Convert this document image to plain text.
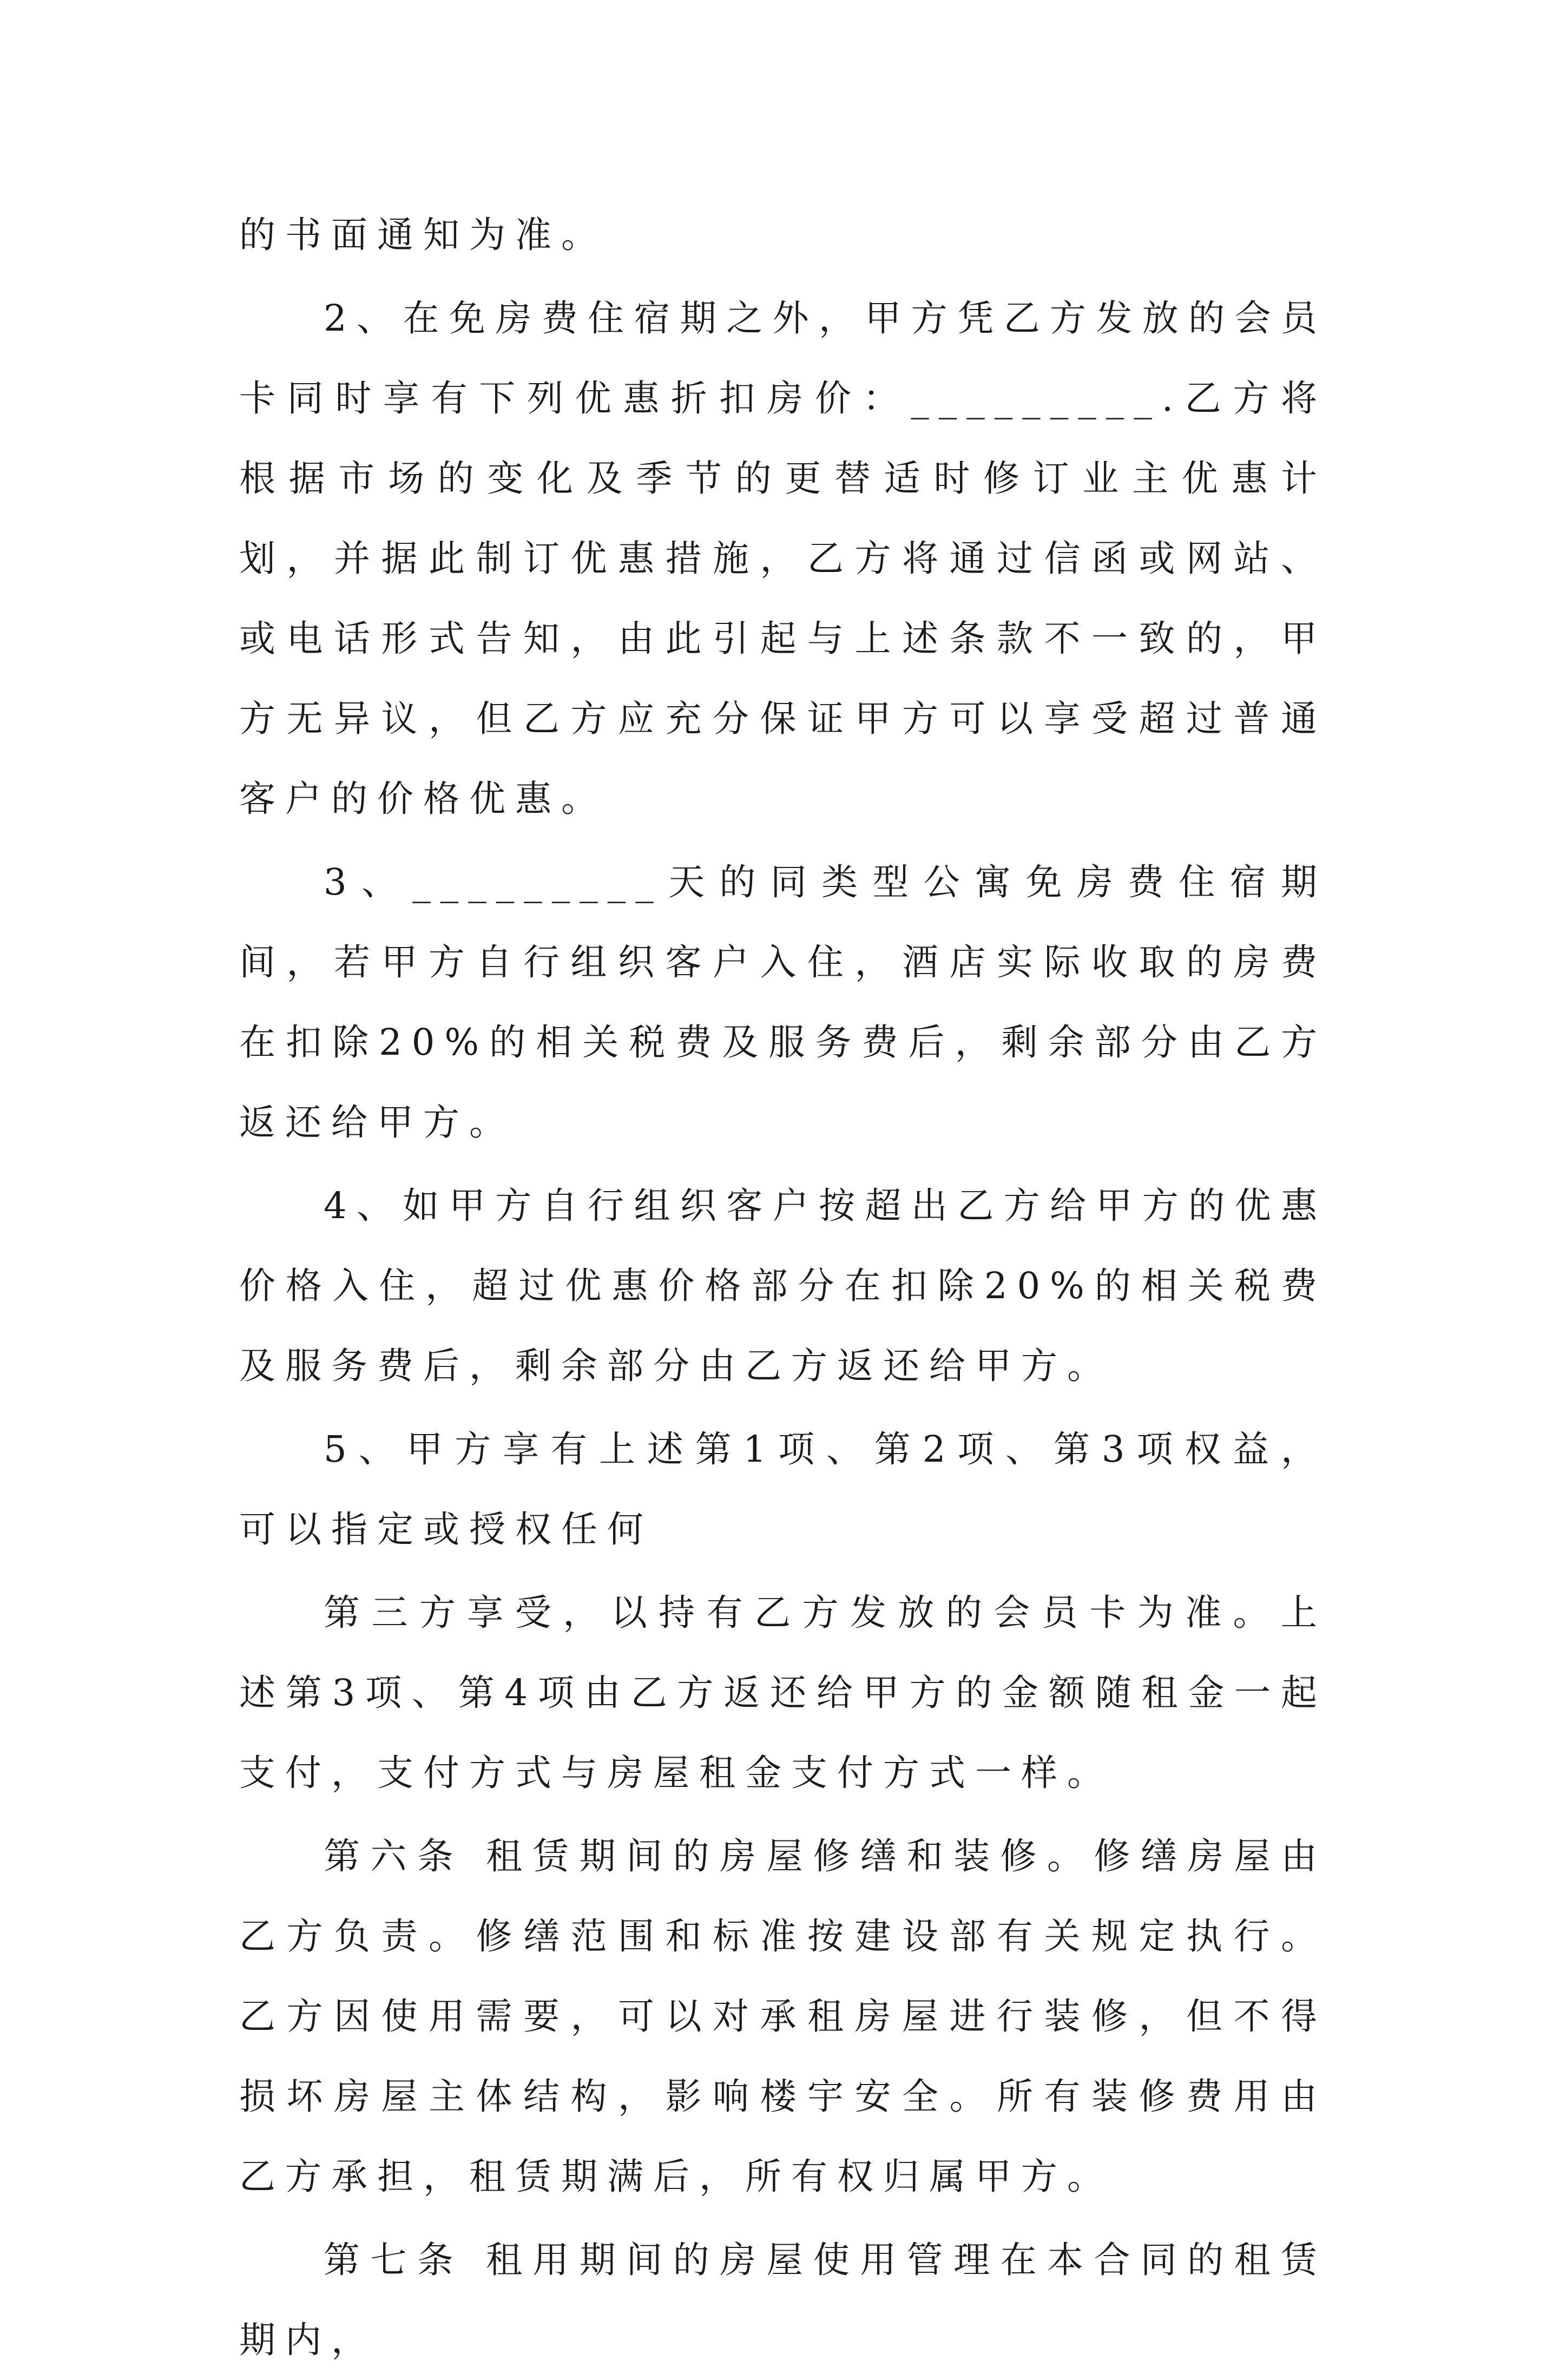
的书面通知为准。

2、在免房费住宿期之外，甲方凭乙方发放的会员卡同时享有下列优惠折扣房价：_________.乙方将根据市场的变化及季节的更替适时修订业主优惠计划，并据此制订优惠措施，乙方将通过信函或网站、或电话形式告知，由此引起与上述条款不一致的，甲方无异议，但乙方应充分保证甲方可以享受超过普通客户的价格优惠。

3、_________天的同类型公寓免房费住宿期间，若甲方自行组织客户入住，酒店实际收取的房费在扣除20%的相关税费及服务费后，剩余部分由乙方返还给甲方。

4、如甲方自行组织客户按超出乙方给甲方的优惠价格入住，超过优惠价格部分在扣除20%的相关税费及服务费后，剩余部分由乙方返还给甲方。

5、甲方享有上述第1项、第2项、第3项权益，可以指定或授权任何

第三方享受，以持有乙方发放的会员卡为准。上述第3项、第4项由乙方返还给甲方的金额随租金一起支付，支付方式与房屋租金支付方式一样。

第六条 租赁期间的房屋修缮和装修。修缮房屋由乙方负责。修缮范围和标准按建设部有关规定执行。乙方因使用需要，可以对承租房屋进行装修，但不得损坏房屋主体结构，影响楼宇安全。所有装修费用由乙方承担，租赁期满后，所有权归属甲方。

第七条 租用期间的房屋使用管理在本合同的租赁期内，
